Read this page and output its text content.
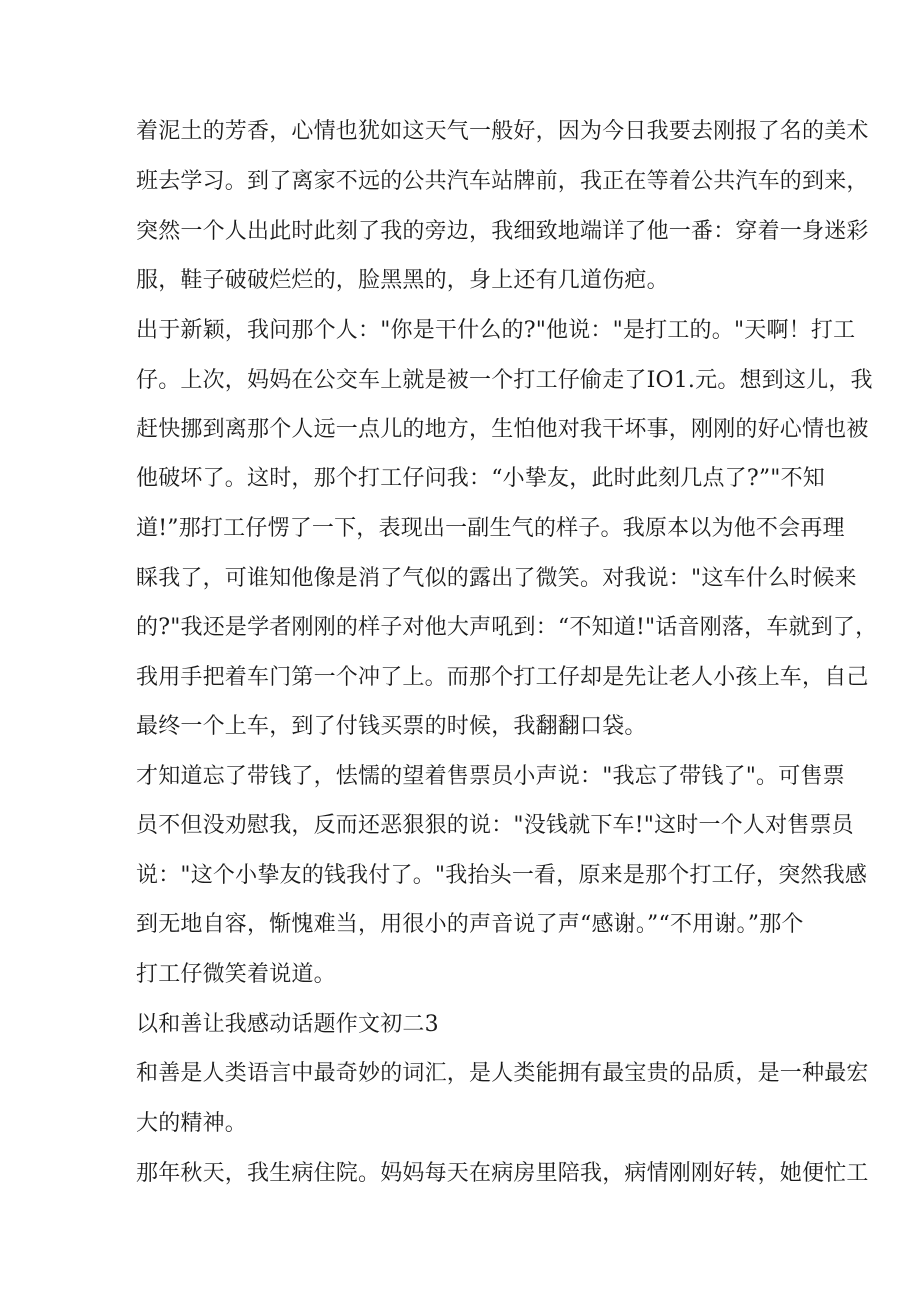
着泥土的芳香，心情也犹如这天气一般好，因为今日我要去刚报了名的美术
班去学习。到了离家不远的公共汽车站牌前，我正在等着公共汽车的到来，
突然一个人出此时此刻了我的旁边，我细致地端详了他一番：穿着一身迷彩
服，鞋子破破烂烂的，脸黑黑的，身上还有几道伤疤。
出于新颖，我问那个人："你是干什么的?"他说："是打工的。"天啊！打工
仔。上次，妈妈在公交车上就是被一个打工仔偷走了IO1.元。想到这儿，我
赶快挪到离那个人远一点儿的地方，生怕他对我干坏事，刚刚的好心情也被
他破坏了。这时，那个打工仔问我：“小挚友，此时此刻几点了?”"不知
道!”那打工仔愣了一下，表现出一副生气的样子。我原本以为他不会再理
睬我了，可谁知他像是消了气似的露出了微笑。对我说："这车什么时候来
的?"我还是学者刚刚的样子对他大声吼到：“不知道!"话音刚落，车就到了，
我用手把着车门第一个冲了上。而那个打工仔却是先让老人小孩上车，自己
最终一个上车，到了付钱买票的时候，我翻翻口袋。
才知道忘了带钱了，怯懦的望着售票员小声说："我忘了带钱了"。可售票
员不但没劝慰我，反而还恶狠狠的说："没钱就下车!"这时一个人对售票员
说："这个小挚友的钱我付了。"我抬头一看，原来是那个打工仔，突然我感
到无地自容，惭愧难当，用很小的声音说了声“感谢。”“不用谢。”那个
打工仔微笑着说道。
以和善让我感动话题作文初二3
和善是人类语言中最奇妙的词汇，是人类能拥有最宝贵的品质，是一种最宏
大的精神。
那年秋天，我生病住院。妈妈每天在病房里陪我，病情刚刚好转，她便忙工
